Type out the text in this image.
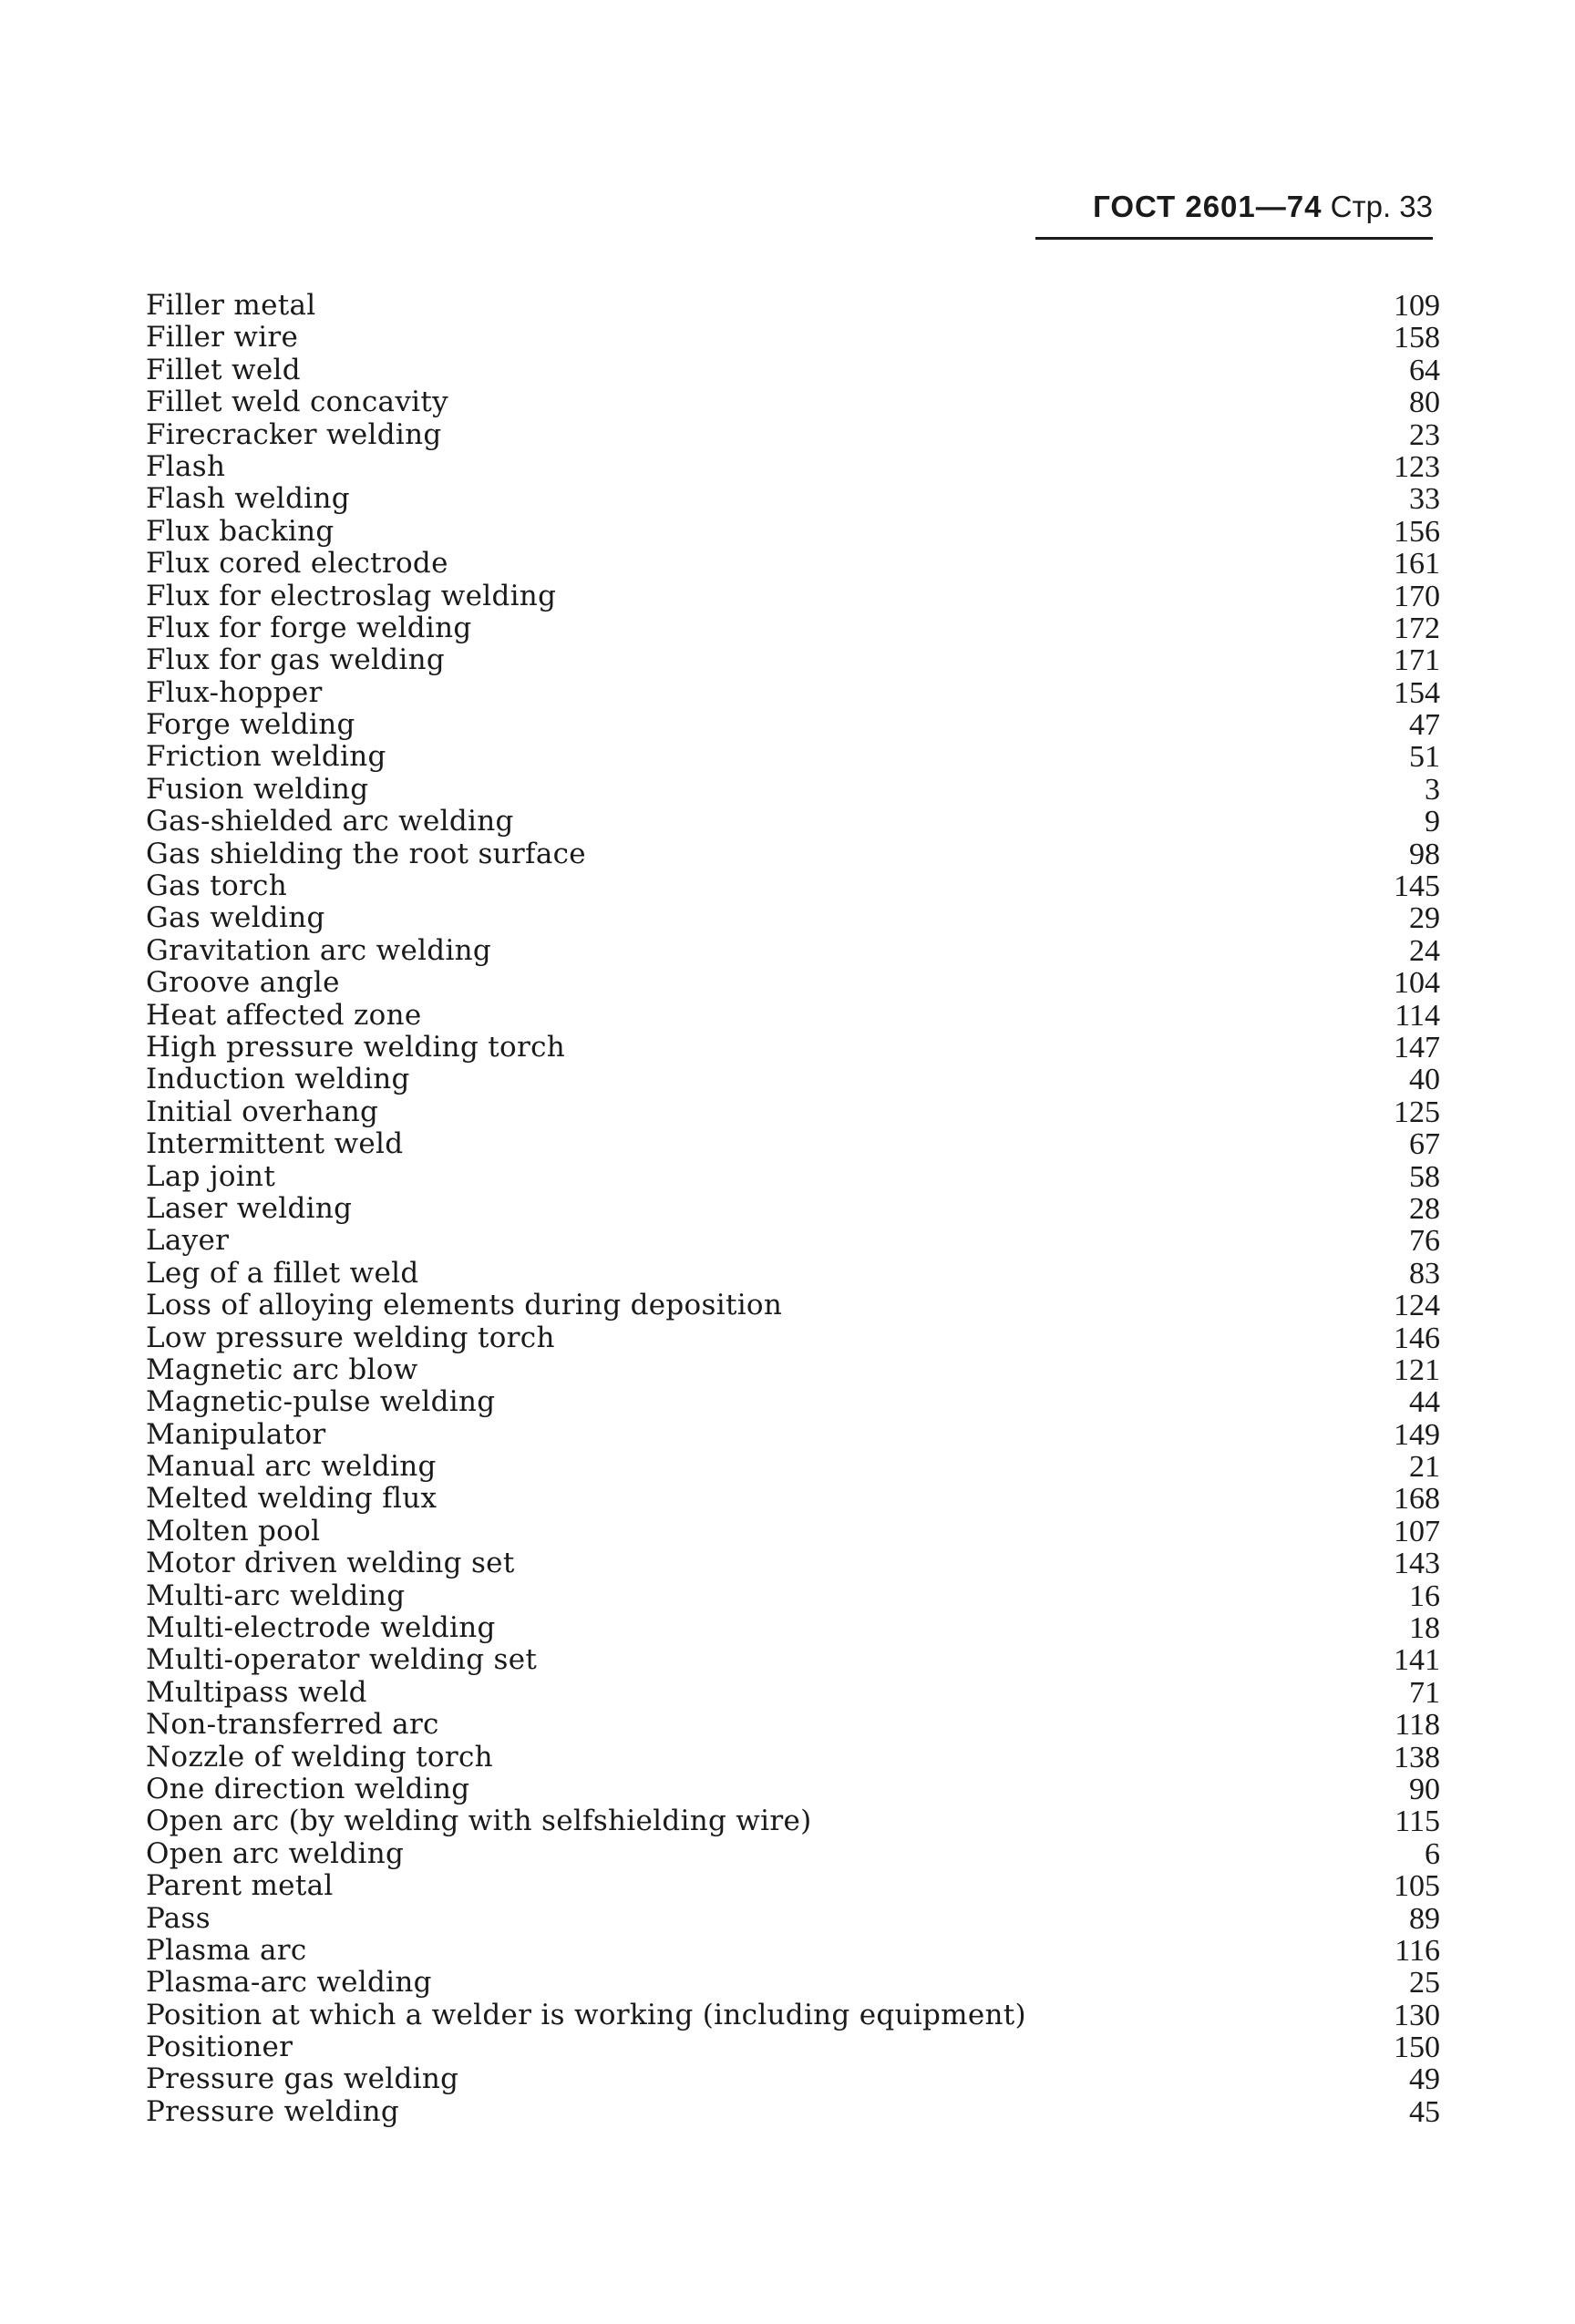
ГОСТ 2601—74 Стр. 33
Filler metal	109
Filler wire	158
Fillet weld	64
Fillet weld concavity	80
Firecracker welding	23
Flash	123
Flash welding	33
Flux backing	156
Flux cored electrode	161
Flux for electroslag welding	170
Flux for forge welding	172
Flux for gas welding	171
Flux-hopper	154
Forge welding	47
Friction welding	51
Fusion welding	3
Gas-shielded arc welding	9
Gas shielding the root surface	98
Gas torch	145
Gas welding	29
Gravitation arc welding	24
Groove angle	104
Heat affected zone	114
High pressure welding torch	147
Induction welding	40
Initial overhang	125
Intermittent weld	67
Lap joint	58
Laser welding	28
Layer	76
Leg of a fillet weld	83
Loss of alloying elements during deposition	124
Low pressure welding torch	146
Magnetic arc blow	121
Magnetic-pulse welding	44
Manipulator	149
Manual arc welding	21
Melted welding flux	168
Molten pool	107
Motor driven welding set	143
Multi-arc welding	16
Multi-electrode welding	18
Multi-operator welding set	141
Multipass weld	71
Non-transferred arc	118
Nozzle of welding torch	138
One direction welding	90
Open arc (by welding with selfshielding wire)	115
Open arc welding	6
Parent metal	105
Pass	89
Plasma arc	116
Plasma-arc welding	25
Position at which a welder is working (including equipment)	130
Positioner	150
Pressure gas welding	49
Pressure welding	45
